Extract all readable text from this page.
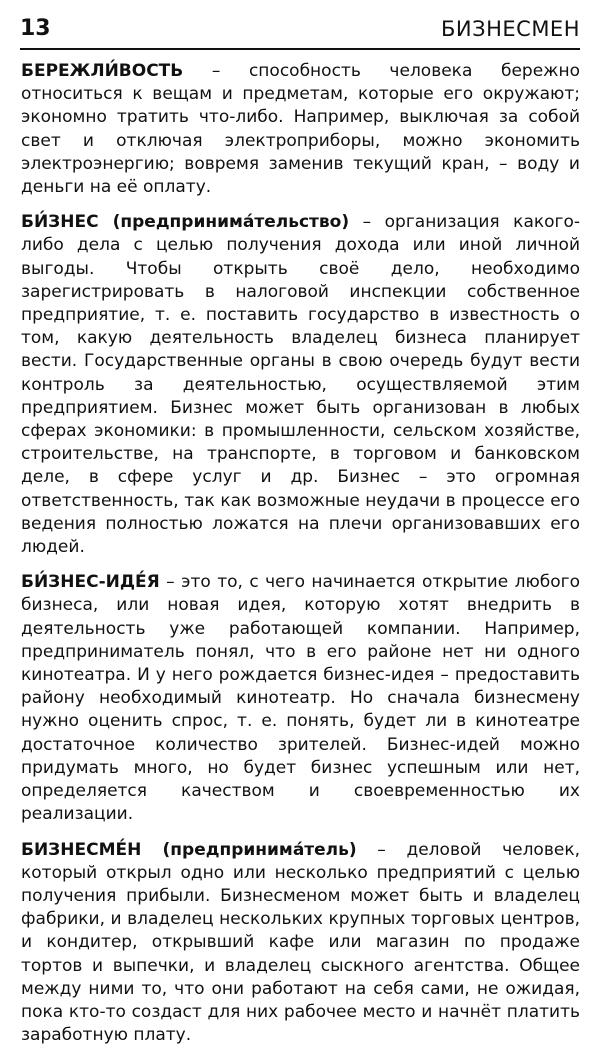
13	БИЗНЕСМЕН

БЕРЕЖЛИ́ВОСТЬ – способность человека бережно относиться к вещам и предметам, которые его окружают; экономно тратить что-либо. Например, выключая за собой свет и отключая электроприборы, можно экономить электроэнергию; вовремя заменив текущий кран, – воду и деньги на её оплату.

БИ́ЗНЕС (предпринима́тельство) – организация какого-либо дела с целью получения дохода или иной личной выгоды. Чтобы открыть своё дело, необходимо зарегистрировать в налоговой инспекции собственное предприятие, т. е. поставить государство в известность о том, какую деятельность владелец бизнеса планирует вести. Государственные органы в свою очередь будут вести контроль за деятельностью, осуществляемой этим предприятием. Бизнес может быть организован в любых сферах экономики: в промышленности, сельском хозяйстве, строительстве, на транспорте, в торговом и банковском деле, в сфере услуг и др. Бизнес – это огромная ответственность, так как возможные неудачи в процессе его ведения полностью ложатся на плечи организовавших его людей.

БИ́ЗНЕС-ИДЕ́Я – это то, с чего начинается открытие любого бизнеса, или новая идея, которую хотят внедрить в деятельность уже работающей компании. Например, предприниматель понял, что в его районе нет ни одного кинотеатра. И у него рождается бизнес-идея – предоставить району необходимый кинотеатр. Но сначала бизнесмену нужно оценить спрос, т. е. понять, будет ли в кинотеатре достаточное количество зрителей. Бизнес-идей можно придумать много, но будет бизнес успешным или нет, определяется качеством и своевременностью их реализации.

БИЗНЕСМЕ́Н (предпринима́тель) – деловой человек, который открыл одно или несколько предприятий с целью получения прибыли. Бизнесменом может быть и владелец фабрики, и владелец нескольких крупных торговых центров, и кондитер, открывший кафе или магазин по продаже тортов и выпечки, и владелец сыскного агентства. Общее между ними то, что они работают на себя сами, не ожидая, пока кто-то создаст для них рабочее место и начнёт платить заработную плату.
